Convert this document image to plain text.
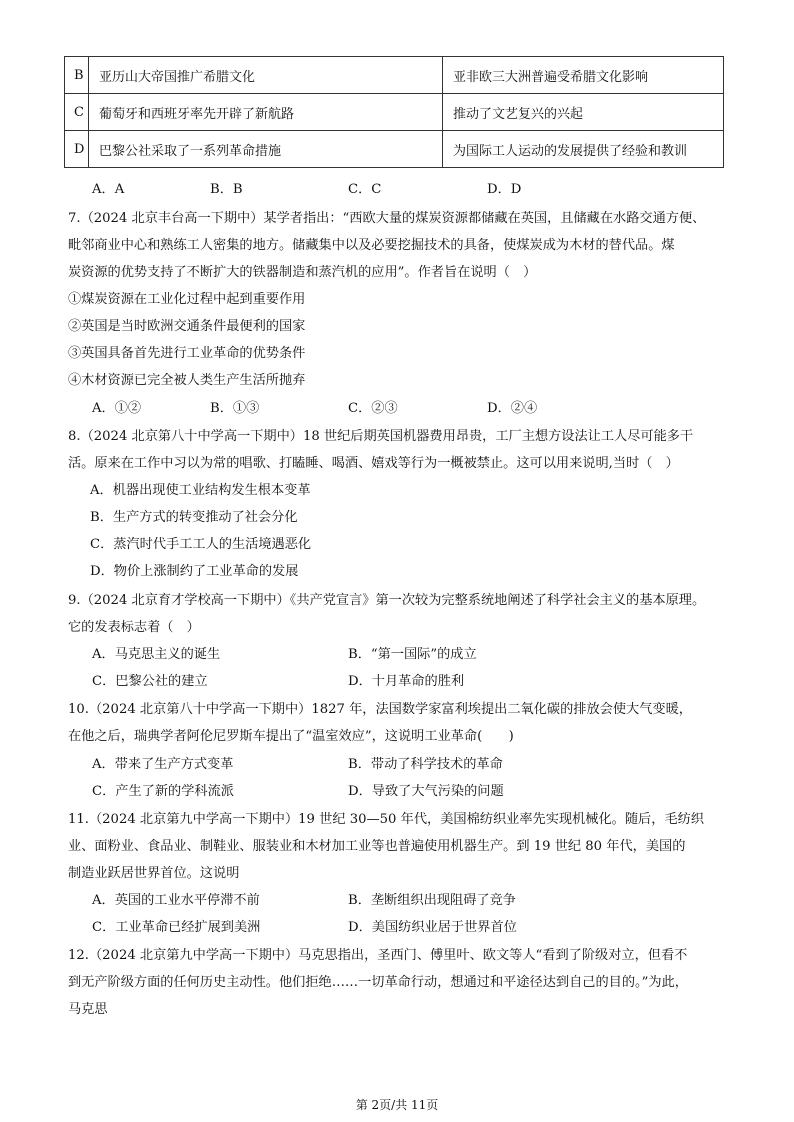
B	亚历山大帝国推广希腊文化	亚非欧三大洲普遍受希腊文化影响
C	葡萄牙和西班牙率先开辟了新航路	推动了文艺复兴的兴起
D	巴黎公社采取了一系列革命措施	为国际工人运动的发展提供了经验和教训
A．A	B．B	C．C	D．D
7.（2024 北京丰台高一下期中）某学者指出：“西欧大量的煤炭资源都储藏在英国，且储藏在水路交通方便、
毗邻商业中心和熟练工人密集的地方。储藏集中以及必要挖掘技术的具备，使煤炭成为木材的替代品。煤
炭资源的优势支持了不断扩大的铁器制造和蒸汽机的应用”。作者旨在说明（　）
①煤炭资源在工业化过程中起到重要作用
②英国是当时欧洲交通条件最便利的国家
③英国具备首先进行工业革命的优势条件
④木材资源已完全被人类生产生活所抛弃
A．①②	B．①③	C．②③	D．②④
8.（2024 北京第八十中学高一下期中）18 世纪后期英国机器费用昂贵，工厂主想方设法让工人尽可能多干
活。原来在工作中习以为常的唱歌、打瞌睡、喝酒、嬉戏等行为一概被禁止。这可以用来说明,当时（　）
A．机器出现使工业结构发生根本变革
B．生产方式的转变推动了社会分化
C．蒸汽时代手工工人的生活境遇恶化
D．物价上涨制约了工业革命的发展
9.（2024 北京育才学校高一下期中）《共产党宣言》第一次较为完整系统地阐述了科学社会主义的基本原理。
它的发表标志着（　）
A．马克思主义的诞生	B．“第一国际”的成立
C．巴黎公社的建立	D．十月革命的胜利
10.（2024 北京第八十中学高一下期中）1827 年，法国数学家富利埃提出二氧化碳的排放会使大气变暖，
在他之后，瑞典学者阿伦尼罗斯车提出了“温室效应”，这说明工业革命(　　)
A．带来了生产方式变革	B．带动了科学技术的革命
C．产生了新的学科流派	D．导致了大气污染的问题
11.（2024 北京第九中学高一下期中）19 世纪 30—50 年代，美国棉纺织业率先实现机械化。随后，毛纺织
业、面粉业、食品业、制鞋业、服装业和木材加工业等也普遍使用机器生产。到 19 世纪 80 年代，美国的
制造业跃居世界首位。这说明
A．英国的工业水平停滞不前	B．垄断组织出现阻碍了竞争
C．工业革命已经扩展到美洲	D．美国纺织业居于世界首位
12.（2024 北京第九中学高一下期中）马克思指出，圣西门、傅里叶、欧文等人“看到了阶级对立，但看不
到无产阶级方面的任何历史主动性。他们拒绝……一切革命行动，想通过和平途径达到自己的目的。”为此，
马克思
第 2页/共 11页
